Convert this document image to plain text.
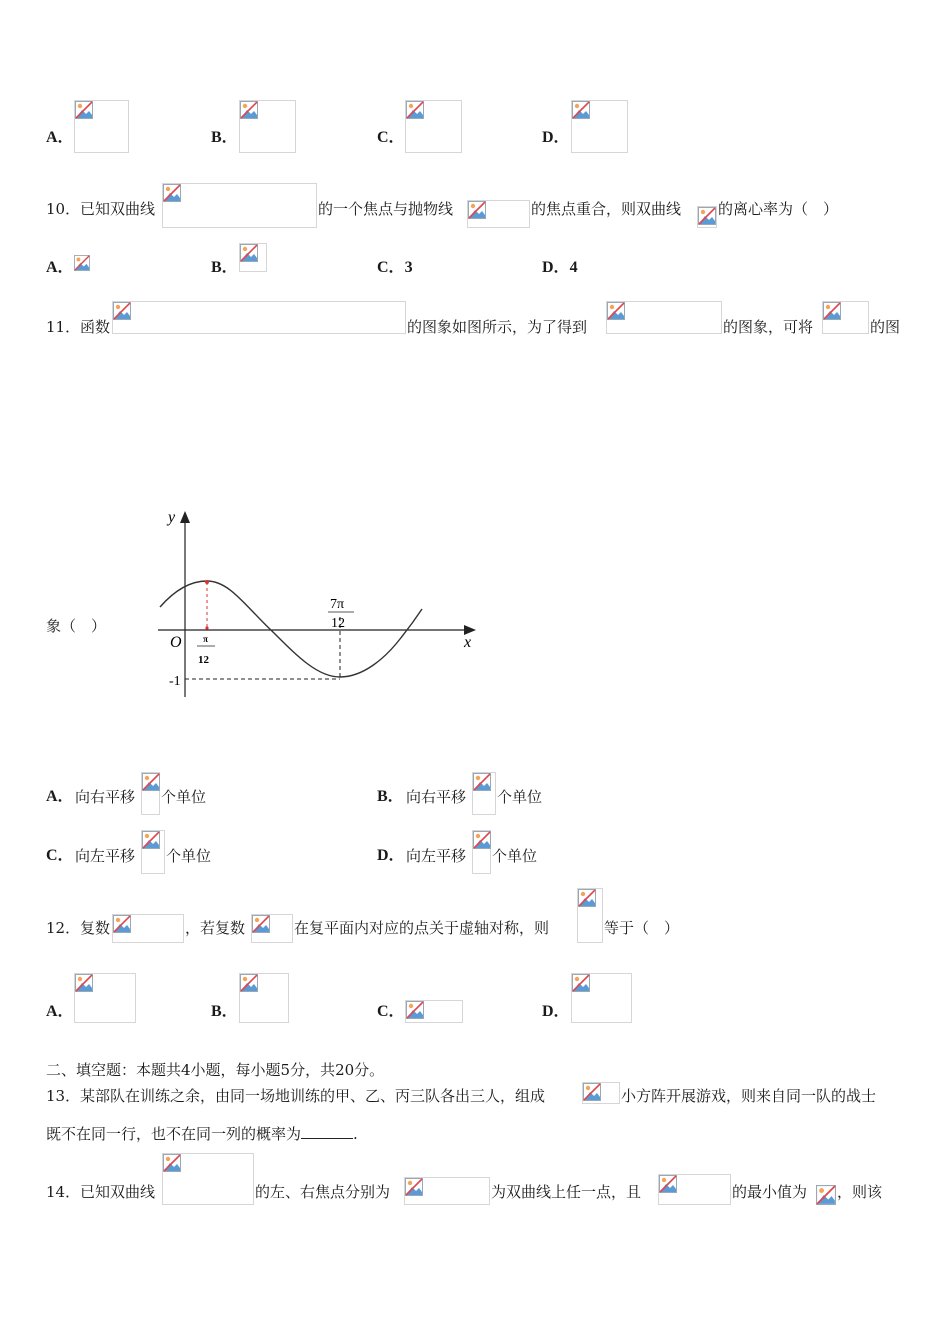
A．	B．	C．	D．
10． 已知双曲线	的一个焦点与抛物线	的焦点重合，则双曲线 的离心率为（　）
A．	B．	C．3	D．4
11． 函数	的图象如图所示，为了得到	的图象，可将	的图
象（　）
y
x
O π
12
7π
12
-1
A． 向右平移 个单位	B． 向右平移 个单位
C． 向左平移 个单位	D． 向左平移 个单位
12． 复数	，若复数	在复平面内对应的点关于虚轴对称，则	等于（　）
A．	B．	C．	D．
二、填空题：本题共4小题，每小题5分，共20分。
13． 某部队在训练之余，由同一场地训练的甲、乙、丙三队各出三人，组成	小方阵开展游戏，则来自同一队的战士
既不在同一行，也不在同一列的概率为	.
14． 已知双曲线	的左、右焦点分别为	为双曲线上任一点，且	的最小值为 ，则该
